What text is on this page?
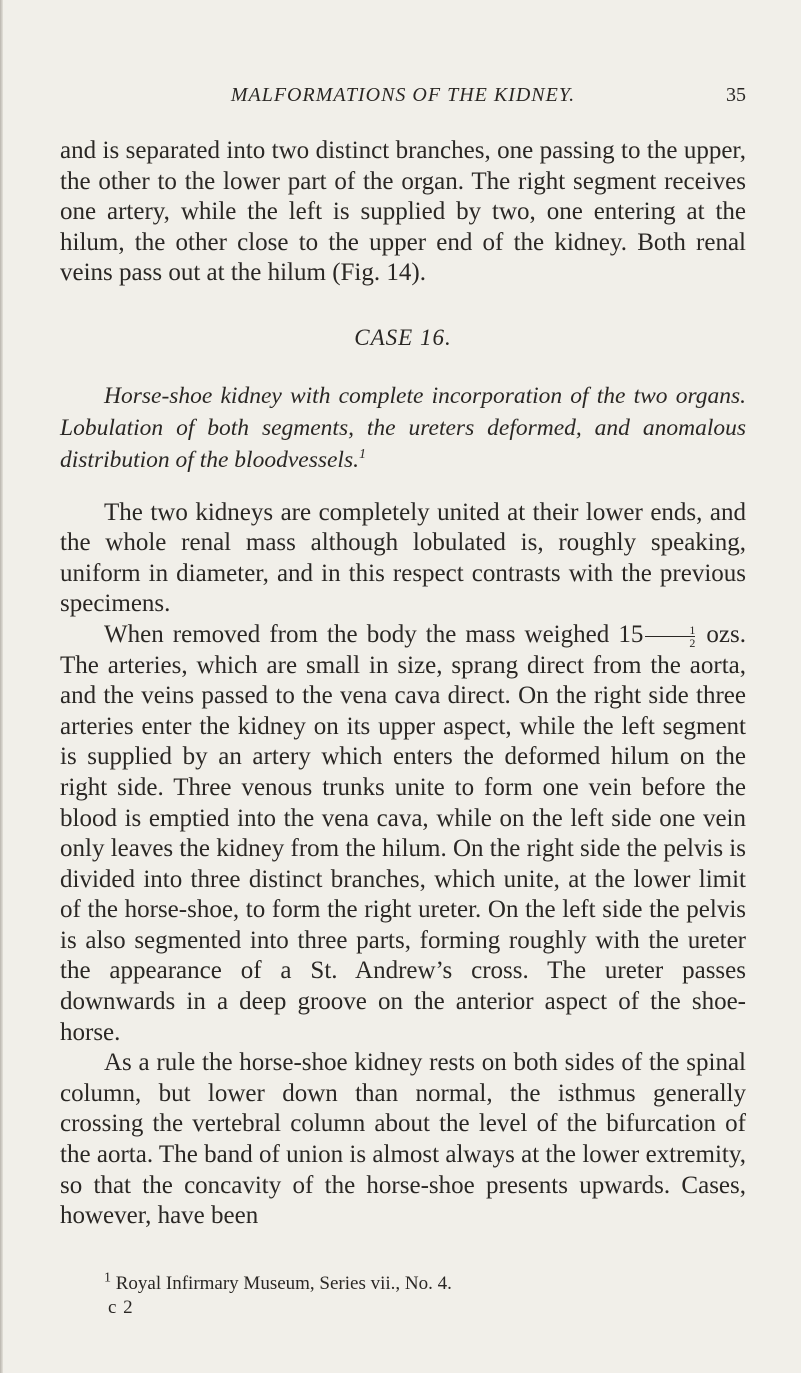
MALFORMATIONS OF THE KIDNEY.	35

and is separated into two distinct branches, one passing to the upper, the other to the lower part of the organ. The right segment receives one artery, while the left is supplied by two, one entering at the hilum, the other close to the upper end of the kidney. Both renal veins pass out at the hilum (Fig. 14).

CASE 16.

Horse-shoe kidney with complete incorporation of the two organs. Lobulation of both segments, the ureters deformed, and anomalous distribution of the bloodvessels.$^1$

The two kidneys are completely united at their lower ends, and the whole renal mass although lobulated is, roughly speaking, uniform in diameter, and in this respect contrasts with the previous specimens.

When removed from the body the mass weighed $15 \frac{1}{2}$ ozs. The arteries, which are small in size, sprang direct from the aorta, and the veins passed to the vena cava direct. On the right side three arteries enter the kidney on its upper aspect, while the left segment is supplied by an artery which enters the deformed hilum on the right side. Three venous trunks unite to form one vein before the blood is emptied into the vena cava, while on the left side one vein only leaves the kidney from the hilum. On the right side the pelvis is divided into three distinct branches, which unite, at the lower limit of the horse-shoe, to form the right ureter. On the left side the pelvis is also segmented into three parts, forming roughly with the ureter the appearance of a St. Andrew’s cross. The ureter passes downwards in a deep groove on the anterior aspect of the shoe-horse.

As a rule the horse-shoe kidney rests on both sides of the spinal column, but lower down than normal, the isthmus generally crossing the vertebral column about the level of the bifurcation of the aorta. The band of union is almost always at the lower extremity, so that the concavity of the horse-shoe presents upwards. Cases, however, have been

$^1$ Royal Infirmary Museum, Series vii., No. 4.
c 2
